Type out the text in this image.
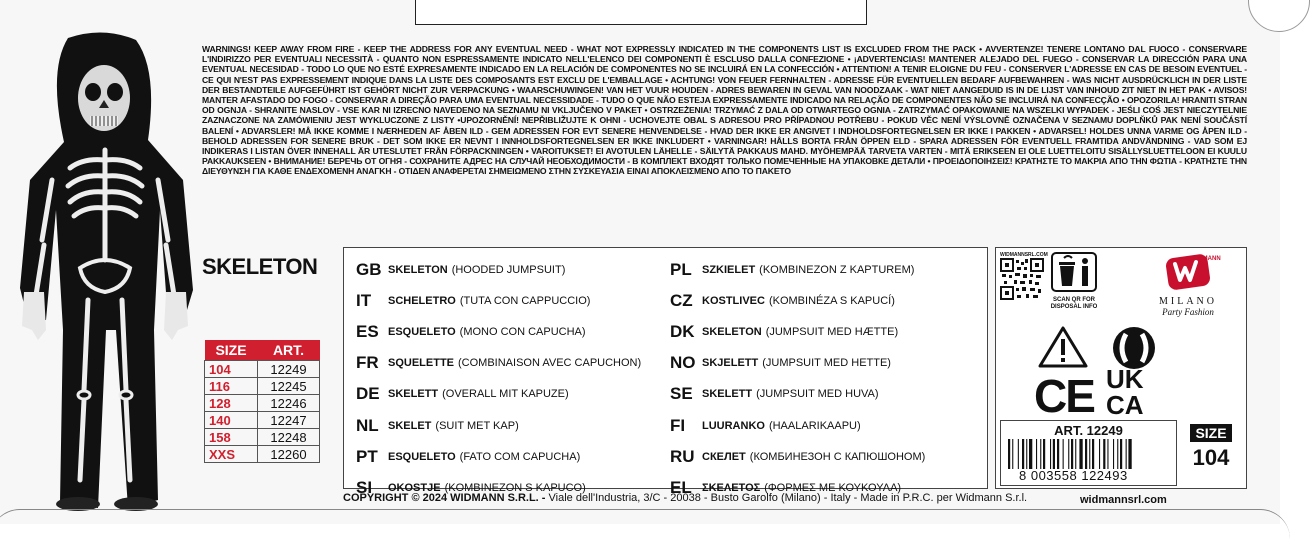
WARNINGS! KEEP AWAY FROM FIRE - KEEP THE ADDRESS FOR ANY EVENTUAL NEED - WHAT NOT EXPRESSLY INDICATED IN THE COMPONENTS LIST IS EXCLUDED FROM THE PACK • AVVERTENZE! TENERE LONTANO DAL FUOCO - CONSERVARE L'INDIRIZZO PER EVENTUALI NECESSITÀ - QUANTO NON ESPRESSAMENTE INDICATO NELL'ELENCO DEI COMPONENTI È ESCLUSO DALLA CONFEZIONE • ¡ADVERTENCIAS! MANTENER ALEJADO DEL FUEGO - CONSERVAR LA DIRECCIÓN PARA UNA EVENTUAL NECESIDAD - TODO LO QUE NO ESTÉ EXPRESAMENTE INDICADO EN LA RELACIÓN DE COMPONENTES NO SE INCLUIRÁ EN LA CONFECCIÓN • ATTENTION! A TENIR ELOIGNE DU FEU - CONSERVER L'ADRESSE EN CAS DE BESOIN EVENTUEL - CE QUI N'EST PAS EXPRESSEMENT INDIQUE DANS LA LISTE DES COMPOSANTS EST EXCLU DE L'EMBALLAGE • ACHTUNG! VON FEUER FERNHALTEN - ADRESSE FÜR EVENTUELLEN BEDARF AUFBEWAHREN - WAS NICHT AUSDRÜCKLICH IN DER LISTE DER BESTANDTEILE AUFGEFÜHRT IST GEHÖRT NICHT ZUR VERPACKUNG • WAARSCHUWINGEN! VAN HET VUUR HOUDEN - ADRES BEWAREN IN GEVAL VAN NOODZAAK - WAT NIET AANGEDUID IS IN DE LIJST VAN INHOUD ZIT NIET IN HET PAK • AVISOS! MANTER AFASTADO DO FOGO - CONSERVAR A DIREÇÃO PARA UMA EVENTUAL NECESSIDADE - TUDO O QUE NÃO ESTEJA EXPRESSAMENTE INDICADO NA RELAÇÃO DE COMPONENTES NÃO SE INCLUIRÁ NA CONFECÇÃO • OPOZORILA! HRANITI STRAN OD OGNJA - SHRANITE NASLOV - VSE KAR NI IZRECNO NAVEDENO NA SEZNAMU NI VKLJUČENO V PAKET • OSTRZEŻENIA! TRZYMAĆ Z DALA OD OTWARTEGO OGNIA - ZATRZYMAĆ OPAKOWANIE NA WSZELKI WYPADEK - JEŚLI COŚ JEST NIECZYTELNIE ZAZNACZONE NA ZAMÓWIENIU JEST WYKLUCZONE Z LISTY •UPOZORNĚNÍ! NEPŘIBLIŽUJTE K OHNI - UCHOVEJTE OBAL S ADRESOU PRO PŘÍPADNOU POTŘEBU - POKUD VĚC NENÍ VÝSLOVNĚ OZNAČENA V SEZNAMU DOPLŇKŮ PAK NENÍ SOUČÁSTÍ BALENÍ • ADVARSLER! MÅ IKKE KOMME I NÆRHEDEN AF ÅBEN ILD - GEM ADRESSEN FOR EVT SENERE HENVENDELSE - HVAD DER IKKE ER ANGIVET I INDHOLDSFORTEGNELSEN ER IKKE I PAKKEN • ADVARSEL! HOLDES UNNA VARME OG ÅPEN ILD - BEHOLD ADRESSEN FOR SENERE BRUK - DET SOM IKKE ER NEVNT I INNHOLDSFORTEGNELSEN ER IKKE INKLUDERT • VARNINGAR! HÅLLS BORTA FRÅN ÖPPEN ELD - SPARA ADRESSEN FÖR EVENTUELL FRAMTIDA ANDVÄNDNING - VAD SOM EJ INDIKERAS I LISTAN ÖVER INNEHALL ÄR UTESLUTET FRÅN FÖRPACKNINGEN • VAROITUKSET! EI AVOTULEN LÄHELLE - SÄILYTÄ PAKKAUS MAHD. MYÖHEMPÄÄ TARVETA VARTEN - MITÄ ERIKSEEN EI OLE LUETTELOITU SISÄLLYSLUETTELOON EI KUULU PAKKAUKSEEN • ВНИМАНИЕ! БЕРЕЧЬ ОТ ОГНЯ - СОХРАНИТЕ АДРЕС НА СЛУЧАЙ НЕОБХОДИМОСТИ - В КОМПЛЕКТ ВХОДЯТ ТОЛЬКО ПОМЕЧЕННЫЕ НА УПАКОВКЕ ДЕТАЛИ • ΠΡΟΕΙΔΟΠΟΙΗΣΕΙΣ! ΚΡΑΤΗΣΤΕ ΤΟ ΜΑΚΡΙΑ ΑΠΟ ΤΗΝ ΦΩΤΙΑ - ΚΡΑΤΗΣΤΕ ΤΗΝ ΔΙΕΥΘΥΝΣΗ ΓΙΑ ΚΑΘΕ ΕΝΔΕΧΟΜΕΝΗ ΑΝΑΓΚΗ - ΟΤΙΔΕΝ ΑΝΑΦΕΡΕΤΑΙ ΣΗΜΕΙΩΜΕΝΟ ΣΤΗΝ ΣΥΣΚΕΥΑΣΙΑ ΕΙΝΑΙ ΑΠΟΚΛΕΙΣΜΕΝΟ ΑΠΟ ΤΟ ΠΑΚΕΤΟ
SKELETON
SIZE	ART.
104	12249
116	12245
128	12246
140	12247
158	12248
XXS	12260
GB SKELETON (HOODED JUMPSUIT)
IT	SCHELETRO (TUTA CON CAPPUCCIO)
ES ESQUELETO (MONO CON CAPUCHA)
FR SQUELETTE (COMBINAISON AVEC CAPUCHON)
DE SKELETT (OVERALL MIT KAPUZE)
NL SKELET (SUIT MET KAP)
PT ESQUELETO (FATO COM CAPUCHA)
SI	OKOSTJE (KOMBINEZON S KAPUCO)
PL SZKIELET (KOMBINEZON Z KAPTUREM)
CZ KOSTLIVEC (KOMBINÉZA S KAPUCÍ)
DK SKELETON (JUMPSUIT MED HÆTTE)
NO SKJELETT (JUMPSUIT MED HETTE)
SE SKELETT (JUMPSUIT MED HUVA)
FI	LUURANKO (HAALARIKAAPU)
RU СКЕЛЕТ (КОМБИНЕЗОН С КАПЮШОНОМ)
EL ΣΚΕΛΕΤΟΣ (ΦΟΡΜΕΣ ΜΕ ΚΟΥΚΟΥΛΑ)
COPYRIGHT © 2024 WIDMANN S.R.L. - Viale dell'Industria, 3/C - 20038 - Busto Garolfo (Milano) - Italy - Made in P.R.C. per Widmann S.r.l.
WIDMANNSRL.COM
SCAN QR FOR
DISPOSAL INFO
WIDMANN
MILANO
Party Fashion
CE UK
CA
ART. 12249
8 003558 122493
SIZE
104
widmannsrl.com
